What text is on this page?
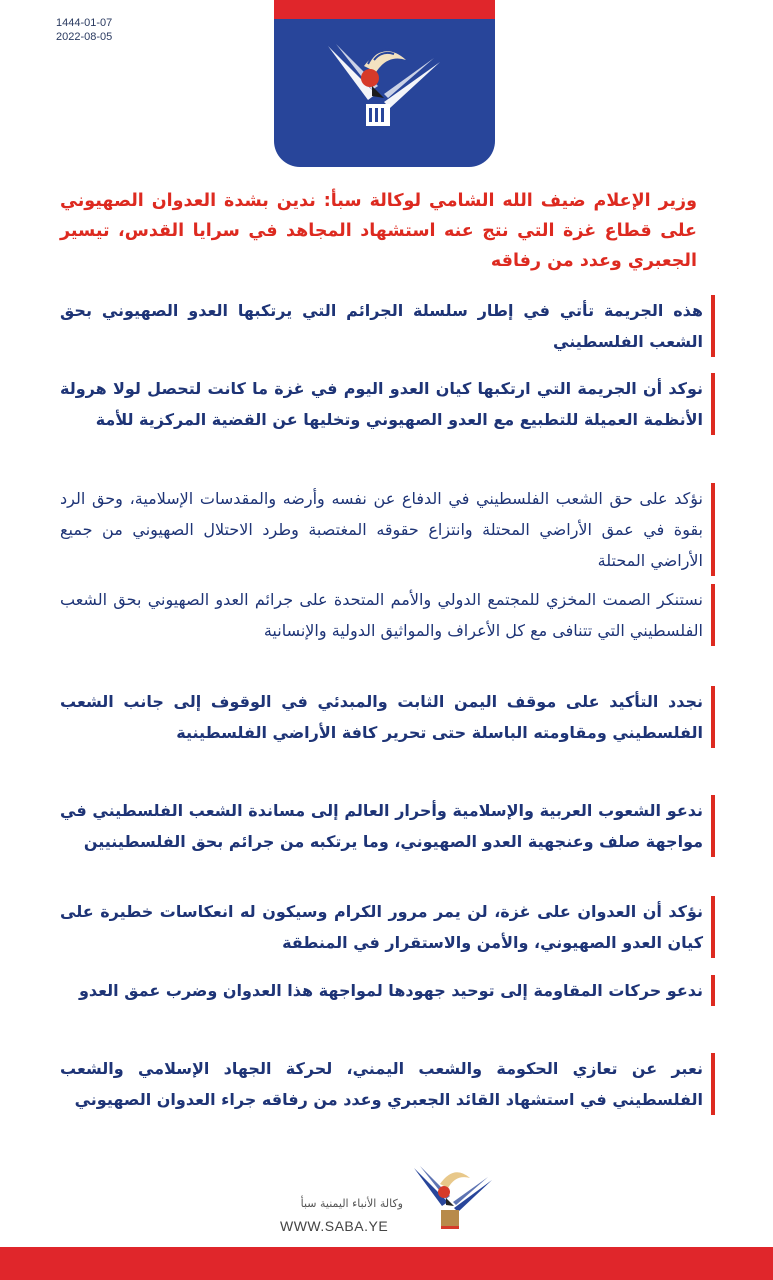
1444-01-07
2022-08-05
وزير الإعلام ضيف الله الشامي لوكالة سبأ: ندين بشدة العدوان الصهيوني على قطاع غزة التي نتج عنه استشهاد المجاهد في سرايا القدس، تيسير الجعبري وعدد من رفاقه
هذه الجريمة تأتي في إطار سلسلة الجرائم التي يرتكبها العدو الصهيوني بحق الشعب الفلسطيني
نوكد أن الجريمة التي ارتكبها كيان العدو اليوم في غزة ما كانت لتحصل لولا هرولة الأنظمة العميلة للتطبيع مع العدو الصهيوني وتخليها عن القضية المركزية للأمة
نؤكد على حق الشعب الفلسطيني في الدفاع عن نفسه وأرضه والمقدسات الإسلامية، وحق الرد بقوة في عمق الأراضي المحتلة وانتزاع حقوقه المغتصبة وطرد الاحتلال الصهيوني من جميع الأراضي المحتلة
نستنكر الصمت المخزي للمجتمع الدولي والأمم المتحدة على جرائم العدو الصهيوني بحق الشعب الفلسطيني التي تتنافى مع كل الأعراف والمواثيق الدولية والإنسانية
نجدد التأكيد على موقف اليمن الثابت والمبدئي في الوقوف إلى جانب الشعب الفلسطيني ومقاومته الباسلة حتى تحرير كافة الأراضي الفلسطينية
ندعو الشعوب العربية والإسلامية وأحرار العالم إلى مساندة الشعب الفلسطيني في مواجهة صلف وعنجهية العدو الصهيوني، وما يرتكبه من جرائم بحق الفلسطينيين
نؤكد أن العدوان على غزة، لن يمر مرور الكرام وسيكون له انعكاسات خطيرة على كيان العدو الصهيوني، والأمن والاستقرار في المنطقة
ندعو حركات المقاومة إلى توحيد جهودها لمواجهة هذا العدوان وضرب عمق العدو
نعبر عن تعازي الحكومة والشعب اليمني، لحركة الجهاد الإسلامي والشعب الفلسطيني في استشهاد القائد الجعبري وعدد من رفاقه جراء العدوان الصهيوني
وكالة الأنباء اليمنية سبأ
WWW.SABA.YE
